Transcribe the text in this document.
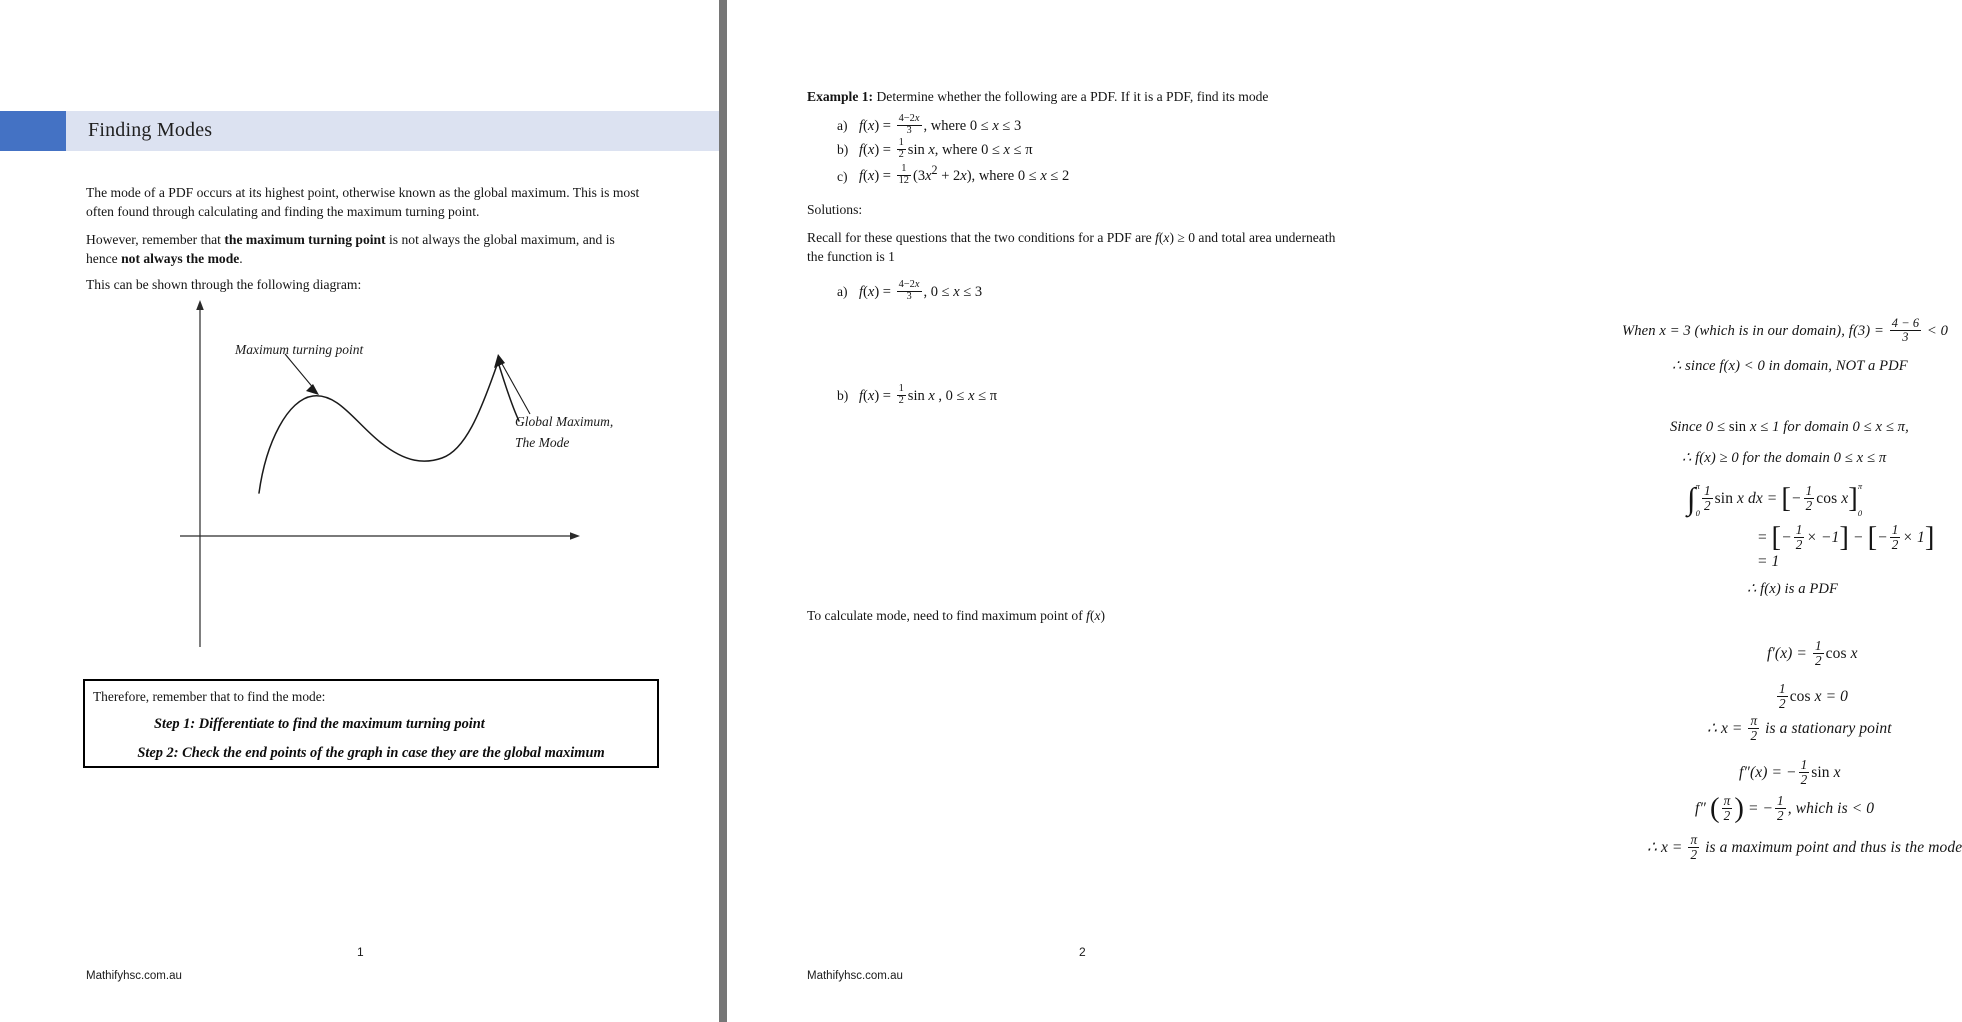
Finding Modes
The mode of a PDF occurs at its highest point, otherwise known as the global maximum. This is most often found through calculating and finding the maximum turning point.
However, remember that the maximum turning point is not always the global maximum, and is hence not always the mode.
This can be shown through the following diagram:
Maximum turning point
Global Maximum,
The Mode
Therefore, remember that to find the mode:
Step 1: Differentiate to find the maximum turning point
Step 2: Check the end points of the graph in case they are the global maximum
1
Mathifyhsc.com.au
Example 1: Determine whether the following are a PDF. If it is a PDF, find its mode
a) $f(x) = \frac{4-2x}{3}$ , where 0 ≤ x ≤ 3
b) $f(x) = \frac{1}{2}$ sin x, where 0 ≤ x ≤ π
c) $f(x) = \frac{1}{12} (3x^2 + 2x)$, where 0 ≤ x ≤ 2
Solutions:
Recall for these questions that the two conditions for a PDF are f(x) ≥ 0 and total area underneath the function is 1
a) $f(x) = \frac{4-2x}{3}$ , 0 ≤ x ≤ 3
When x = 3 (which is in our domain), $f(3) = \frac{4 - 6}{3} < 0$
∴ since f(x) < 0 in domain, NOT a PDF
b) $f(x) = \frac{1}{2}$ sin x , 0 ≤ x ≤ π
Since 0 ≤ sin x ≤ 1 for domain 0 ≤ x ≤ π,
∴ f(x) ≥ 0 for the domain 0 ≤ x ≤ π
∫ π
$0 \frac{1}{2}$ sin x dx = [− $\frac{1}{2}$ cos x] π
0
= [− $\frac{1}{2} \times -1$] − [− $\frac{1}{2} \times 1$]
= 1
∴ f(x) is a PDF
To calculate mode, need to find maximum point of f(x)
$f'(x) = \frac{1}{2}$ cos x
$\frac{1}{2}$ cos x = 0
∴ $x = \frac{\pi}{2}$ is a stationary point
f″(x) = − $\frac{1}{2}$ sin x
f″ ( $\frac{\pi}{2}$ ) = − $\frac{1}{2}$ , which is < 0
∴ $x = \frac{\pi}{2}$ is a maximum point and thus is the mode
2
Mathifyhsc.com.au
